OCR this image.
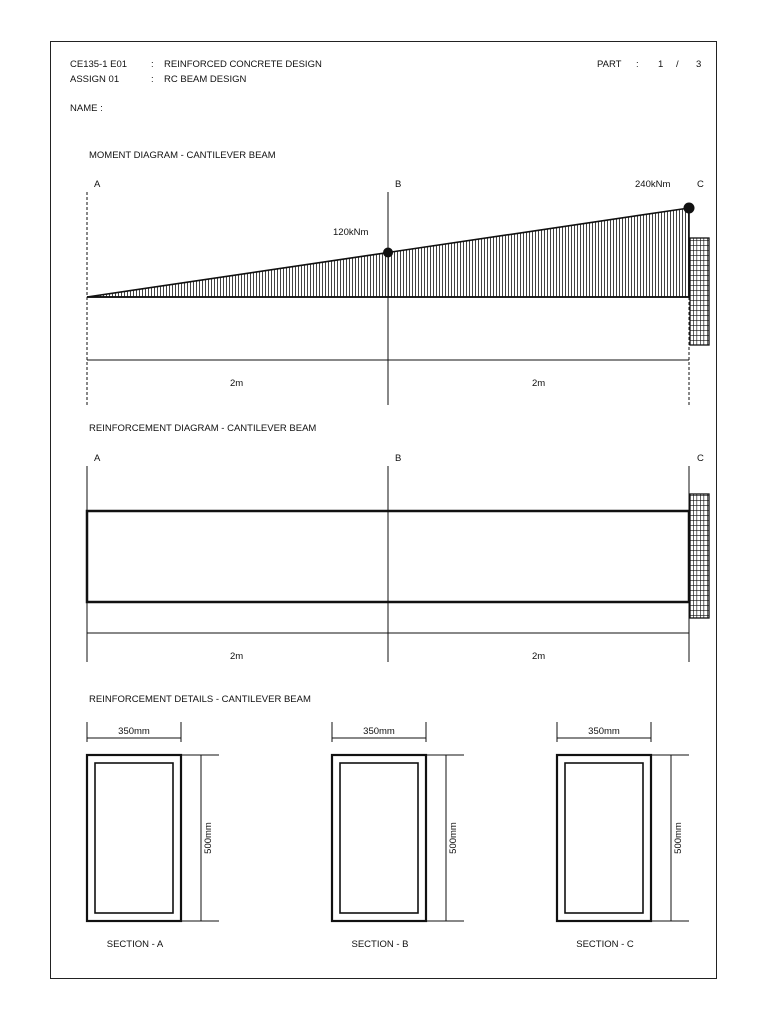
CE135-1 E01	: REINFORCED CONCRETE DESIGN
ASSIGN 01	: RC BEAM DESIGN
PART : 1 / 3
NAME :
MOMENT DIAGRAM - CANTILEVER BEAM
A	B	C
120kNm
240kNm
2m	2m
REINFORCEMENT DIAGRAM - CANTILEVER BEAM
A	B	C
2m	2m
REINFORCEMENT DETAILS - CANTILEVER BEAM
350mm
500mm
SECTION - A
350mm
500mm
SECTION - B
350mm
500mm
SECTION - C
